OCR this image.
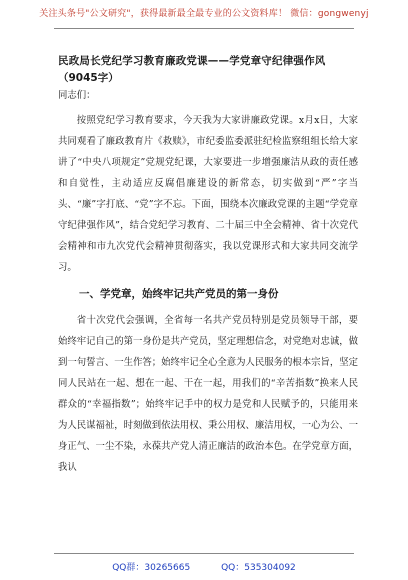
关注头条号"公文研究"，获得最新最全最专业的公文资料库！ 微信：gongwenyj

民政局长党纪学习教育廉政党课——学党章守纪律强作风

（9045字）

同志们：

按照党纪学习教育要求，今天我为大家讲廉政党课。x月x日，大家共同观看了廉政教育片《救赎》，市纪委监委派驻纪检监察组组长给大家讲了“中央八项规定”党规党纪课，大家要进一步增强廉洁从政的责任感和自觉性，主动适应反腐倡廉建设的新常态，切实做到“严”字当头、“廉”字打底、“党”字不忘。下面，围绕本次廉政党课的主题“学党章守纪律强作风”，结合党纪学习教育、二十届三中全会精神、省十次党代会精神和市九次党代会精神贯彻落实，我以党课形式和大家共同交流学习。

一、学党章，始终牢记共产党员的第一身份

省十次党代会强调，全省每一名共产党员特别是党员领导干部，要始终牢记自己的第一身份是共产党员，坚定理想信念，对党绝对忠诚，做到一句誓言、一生作答；始终牢记全心全意为人民服务的根本宗旨，坚定同人民站在一起、想在一起、干在一起，用我们的“辛苦指数”换来人民群众的“幸福指数”；始终牢记手中的权力是党和人民赋予的，只能用来为人民谋福祉，时刻做到依法用权、秉公用权、廉洁用权，一心为公、一身正气、一尘不染，永葆共产党人清正廉洁的政治本色。在学党章方面，我认

QQ群：30265665	QQ：535304092
